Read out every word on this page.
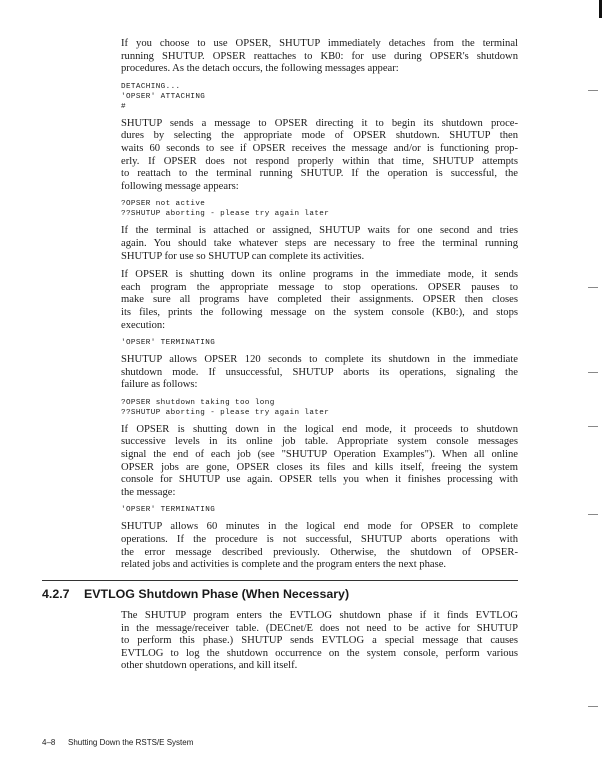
If you choose to use OPSER, SHUTUP immediately detaches from the terminal
running SHUTUP. OPSER reattaches to KB0: for use during OPSER's shutdown
procedures. As the detach occurs, the following messages appear:
DETACHING...
'OPSER' ATTACHING
#
SHUTUP sends a message to OPSER directing it to begin its shutdown proce-
dures by selecting the appropriate mode of OPSER shutdown. SHUTUP then
waits 60 seconds to see if OPSER receives the message and/or is functioning prop-
erly. If OPSER does not respond properly within that time, SHUTUP attempts
to reattach to the terminal running SHUTUP. If the operation is successful, the
following message appears:
?OPSER not active
??SHUTUP aborting - please try again later
If the terminal is attached or assigned, SHUTUP waits for one second and tries
again. You should take whatever steps are necessary to free the terminal running
SHUTUP for use so SHUTUP can complete its activities.
If OPSER is shutting down its online programs in the immediate mode, it sends
each program the appropriate message to stop operations. OPSER pauses to
make sure all programs have completed their assignments. OPSER then closes
its files, prints the following message on the system console (KB0:), and stops
execution:
'OPSER' TERMINATING
SHUTUP allows OPSER 120 seconds to complete its shutdown in the immediate
shutdown mode. If unsuccessful, SHUTUP aborts its operations, signaling the
failure as follows:
?OPSER shutdown taking too long
??SHUTUP aborting - please try again later
If OPSER is shutting down in the logical end mode, it proceeds to shutdown
successive levels in its online job table. Appropriate system console messages
signal the end of each job (see "SHUTUP Operation Examples"). When all online
OPSER jobs are gone, OPSER closes its files and kills itself, freeing the system
console for SHUTUP use again. OPSER tells you when it finishes processing with
the message:
'OPSER' TERMINATING
SHUTUP allows 60 minutes in the logical end mode for OPSER to complete
operations. If the procedure is not successful, SHUTUP aborts operations with
the error message described previously. Otherwise, the shutdown of OPSER-
related jobs and activities is complete and the program enters the next phase.
4.2.7 EVTLOG Shutdown Phase (When Necessary)
The SHUTUP program enters the EVTLOG shutdown phase if it finds EVTLOG
in the message/receiver table. (DECnet/E does not need to be active for SHUTUP
to perform this phase.) SHUTUP sends EVTLOG a special message that causes
EVTLOG to log the shutdown occurrence on the system console, perform various
other shutdown operations, and kill itself.
4–8 Shutting Down the RSTS/E System
